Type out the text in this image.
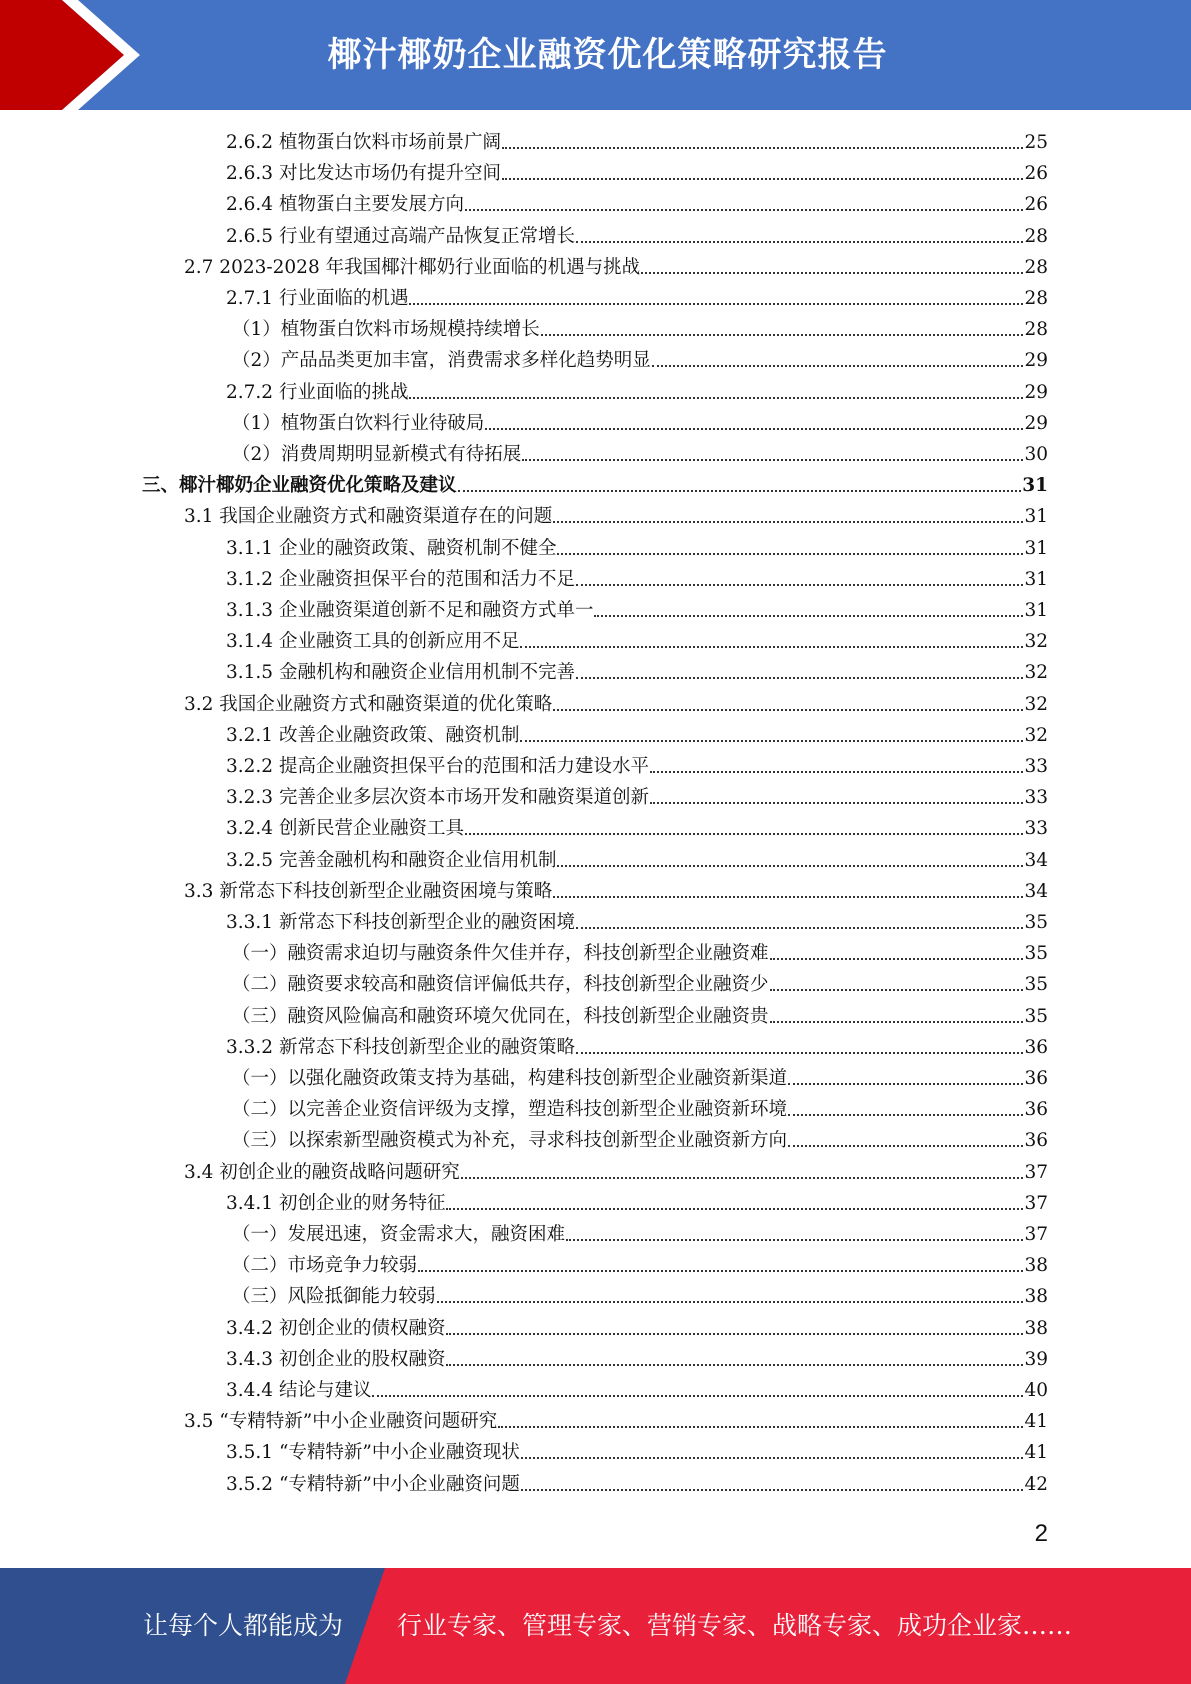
椰汁椰奶企业融资优化策略研究报告
2.6.2 植物蛋白饮料市场前景广阔	25
2.6.3 对比发达市场仍有提升空间	26
2.6.4 植物蛋白主要发展方向	26
2.6.5 行业有望通过高端产品恢复正常增长	28
2.7 2023-2028 年我国椰汁椰奶行业面临的机遇与挑战	28
2.7.1 行业面临的机遇	28
（1）植物蛋白饮料市场规模持续增长	28
（2）产品品类更加丰富，消费需求多样化趋势明显	29
2.7.2 行业面临的挑战	29
（1）植物蛋白饮料行业待破局	29
（2）消费周期明显新模式有待拓展	30
三、椰汁椰奶企业融资优化策略及建议	31
3.1 我国企业融资方式和融资渠道存在的问题	31
3.1.1 企业的融资政策、融资机制不健全	31
3.1.2 企业融资担保平台的范围和活力不足	31
3.1.3 企业融资渠道创新不足和融资方式单一	31
3.1.4 企业融资工具的创新应用不足	32
3.1.5 金融机构和融资企业信用机制不完善	32
3.2 我国企业融资方式和融资渠道的优化策略	32
3.2.1 改善企业融资政策、融资机制	32
3.2.2 提高企业融资担保平台的范围和活力建设水平	33
3.2.3 完善企业多层次资本市场开发和融资渠道创新	33
3.2.4 创新民营企业融资工具	33
3.2.5 完善金融机构和融资企业信用机制	34
3.3 新常态下科技创新型企业融资困境与策略	34
3.3.1 新常态下科技创新型企业的融资困境	35
（一）融资需求迫切与融资条件欠佳并存，科技创新型企业融资难	35
（二）融资要求较高和融资信评偏低共存，科技创新型企业融资少	35
（三）融资风险偏高和融资环境欠优同在，科技创新型企业融资贵	35
3.3.2 新常态下科技创新型企业的融资策略	36
（一）以强化融资政策支持为基础，构建科技创新型企业融资新渠道	36
（二）以完善企业资信评级为支撑，塑造科技创新型企业融资新环境	36
（三）以探索新型融资模式为补充，寻求科技创新型企业融资新方向	36
3.4 初创企业的融资战略问题研究	37
3.4.1 初创企业的财务特征	37
（一）发展迅速，资金需求大，融资困难	37
（二）市场竞争力较弱	38
（三）风险抵御能力较弱	38
3.4.2 初创企业的债权融资	38
3.4.3 初创企业的股权融资	39
3.4.4 结论与建议	40
3.5 “专精特新”中小企业融资问题研究	41
3.5.1 “专精特新”中小企业融资现状	41
3.5.2 “专精特新”中小企业融资问题	42
2
让每个人都能成为 行业专家、管理专家、营销专家、战略专家、成功企业家……
